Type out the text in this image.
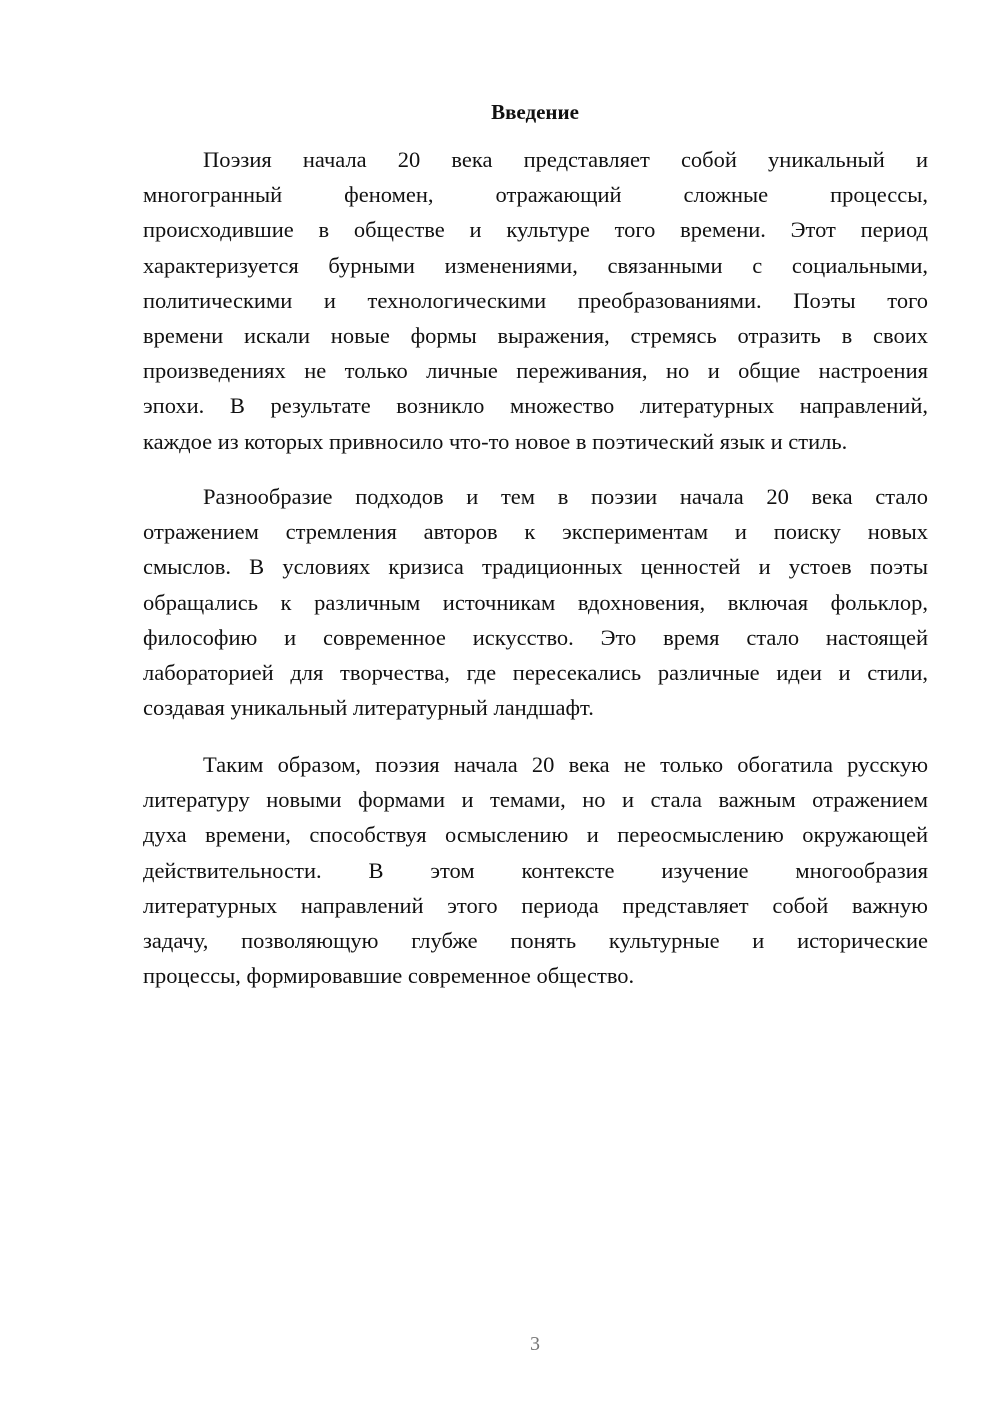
Введение
Поэзия начала 20 века представляет собой уникальный и
многогранный феномен, отражающий сложные процессы,
происходившие в обществе и культуре того времени. Этот период
характеризуется бурными изменениями, связанными с социальными,
политическими и технологическими преобразованиями. Поэты того
времени искали новые формы выражения, стремясь отразить в своих
произведениях не только личные переживания, но и общие настроения
эпохи. В результате возникло множество литературных направлений,
каждое из которых привносило что-то новое в поэтический язык и стиль.
Разнообразие подходов и тем в поэзии начала 20 века стало
отражением стремления авторов к экспериментам и поиску новых
смыслов. В условиях кризиса традиционных ценностей и устоев поэты
обращались к различным источникам вдохновения, включая фольклор,
философию и современное искусство. Это время стало настоящей
лабораторией для творчества, где пересекались различные идеи и стили,
создавая уникальный литературный ландшафт.
Таким образом, поэзия начала 20 века не только обогатила русскую
литературу новыми формами и темами, но и стала важным отражением
духа времени, способствуя осмыслению и переосмыслению окружающей
действительности. В этом контексте изучение многообразия
литературных направлений этого периода представляет собой важную
задачу, позволяющую глубже понять культурные и исторические
процессы, формировавшие современное общество.
3
